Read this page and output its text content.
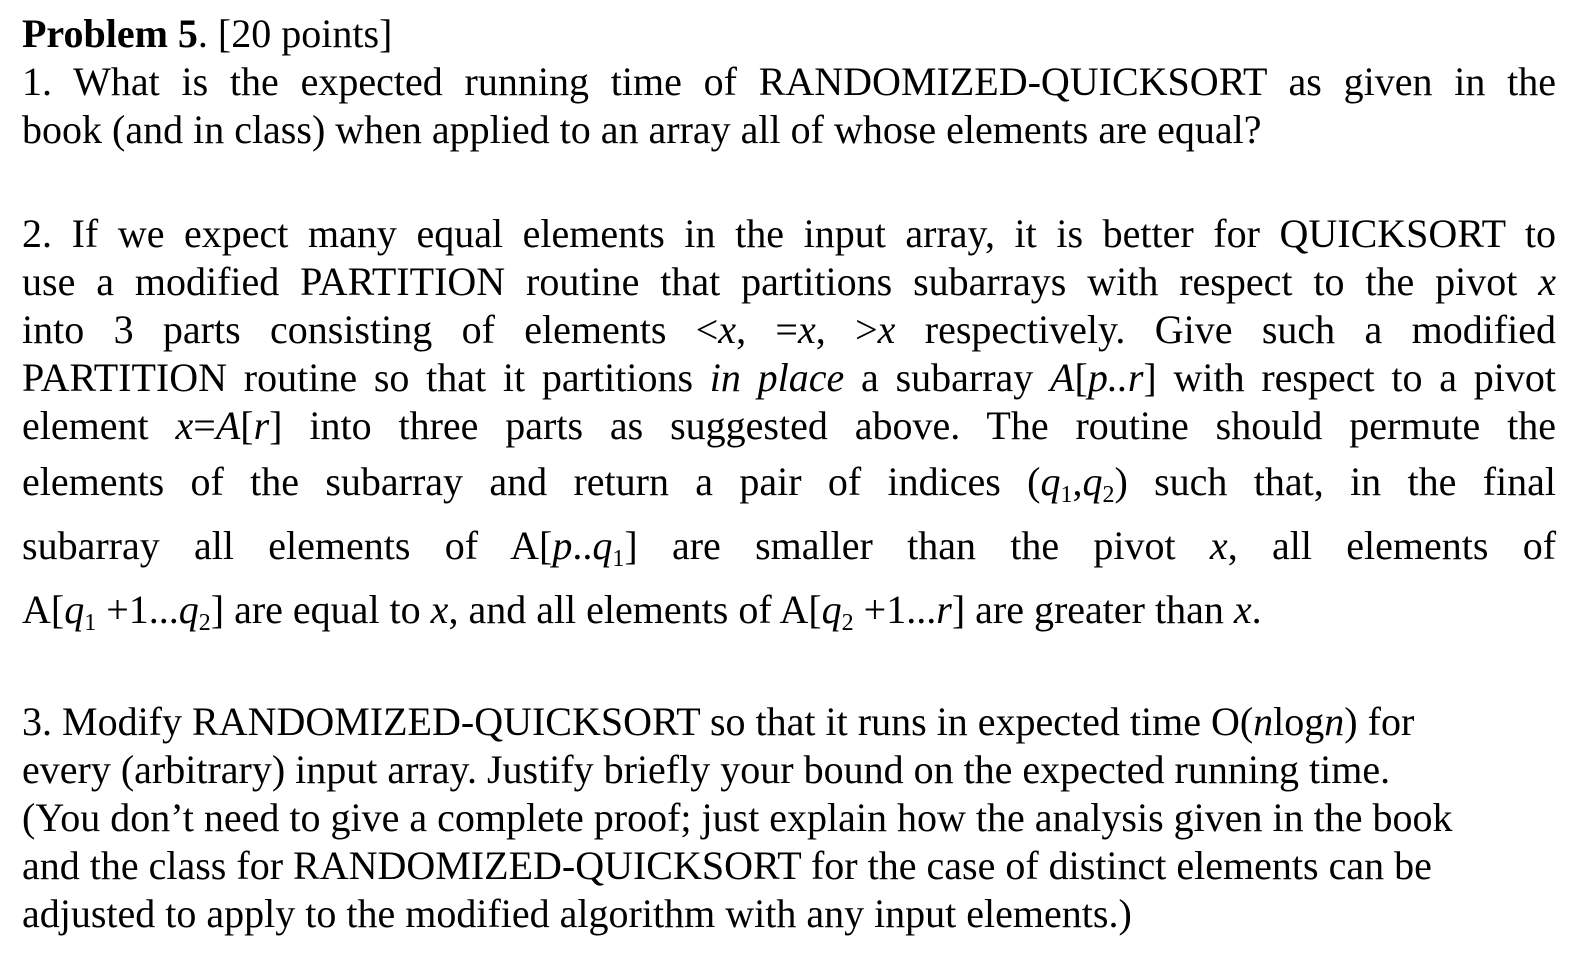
Problem 5. [20 points]
1. What is the expected running time of RANDOMIZED-QUICKSORT as given in the
book (and in class) when applied to an array all of whose elements are equal?
2. If we expect many equal elements in the input array, it is better for QUICKSORT to
use a modified PARTITION routine that partitions subarrays with respect to the pivot x
into 3 parts consisting of elements <x, =x, >x respectively. Give such a modified
PARTITION routine so that it partitions in place a subarray A[p..r] with respect to a pivot
element x=A[r] into three parts as suggested above. The routine should permute the
elements of the subarray and return a pair of indices $(q_1,q_2)$ such that, in the final
subarray all elements of $A[p..q_1]$ are smaller than the pivot x, all elements of
$A[q_1 +1...q_2]$ are equal to x, and all elements of $A[q_2 +1...r]$ are greater than x.
3. Modify RANDOMIZED-QUICKSORT so that it runs in expected time O(nlogn) for
every (arbitrary) input array. Justify briefly your bound on the expected running time.
(You don’t need to give a complete proof; just explain how the analysis given in the book
and the class for RANDOMIZED-QUICKSORT for the case of distinct elements can be
adjusted to apply to the modified algorithm with any input elements.)
